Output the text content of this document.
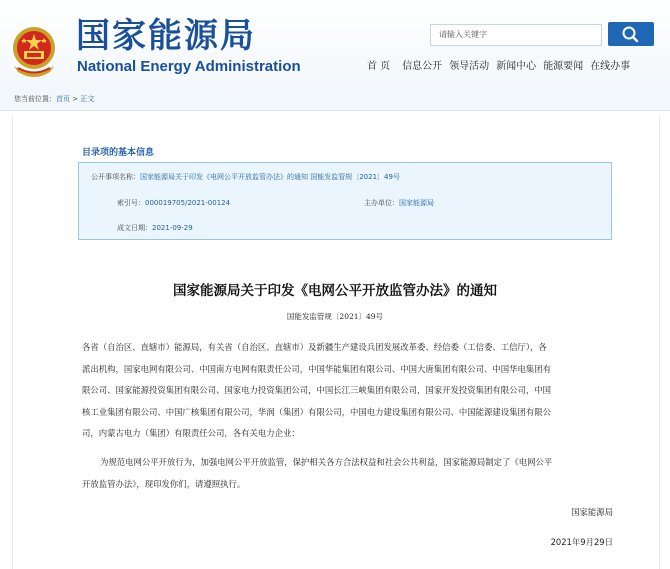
国家能源局
National Energy Administration
请输入关键字
首 页 信息公开 领导活动 新闻中心 能源要闻 在线办事
您当前位置：首页 > 正文
目录项的基本信息
公开事项名称：国家能源局关于印发《电网公平开放监管办法》的通知 国能发监管规〔2021〕49号
索引号：000019705/2021-00124	主办单位：国家能源局
成文日期：2021-09-29
国家能源局关于印发《电网公平开放监管办法》的通知
国能发监管规〔2021〕49号
各省（自治区、直辖市）能源局，有关省（自治区、直辖市）及新疆生产建设兵团发展改革委、经信委（工信委、工信厅），各
派出机构，国家电网有限公司、中国南方电网有限责任公司，中国华能集团有限公司、中国大唐集团有限公司、中国华电集团有
限公司、国家能源投资集团有限公司、国家电力投资集团公司，中国长江三峡集团有限公司，国家开发投资集团有限公司，中国
核工业集团有限公司、中国广核集团有限公司，华润（集团）有限公司，中国电力建设集团有限公司、中国能源建设集团有限公
司，内蒙古电力（集团）有限责任公司，各有关电力企业：
为规范电网公平开放行为，加强电网公平开放监管，保护相关各方合法权益和社会公共利益，国家能源局制定了《电网公平
开放监管办法》，现印发你们，请遵照执行。
国家能源局
2021年9月29日
